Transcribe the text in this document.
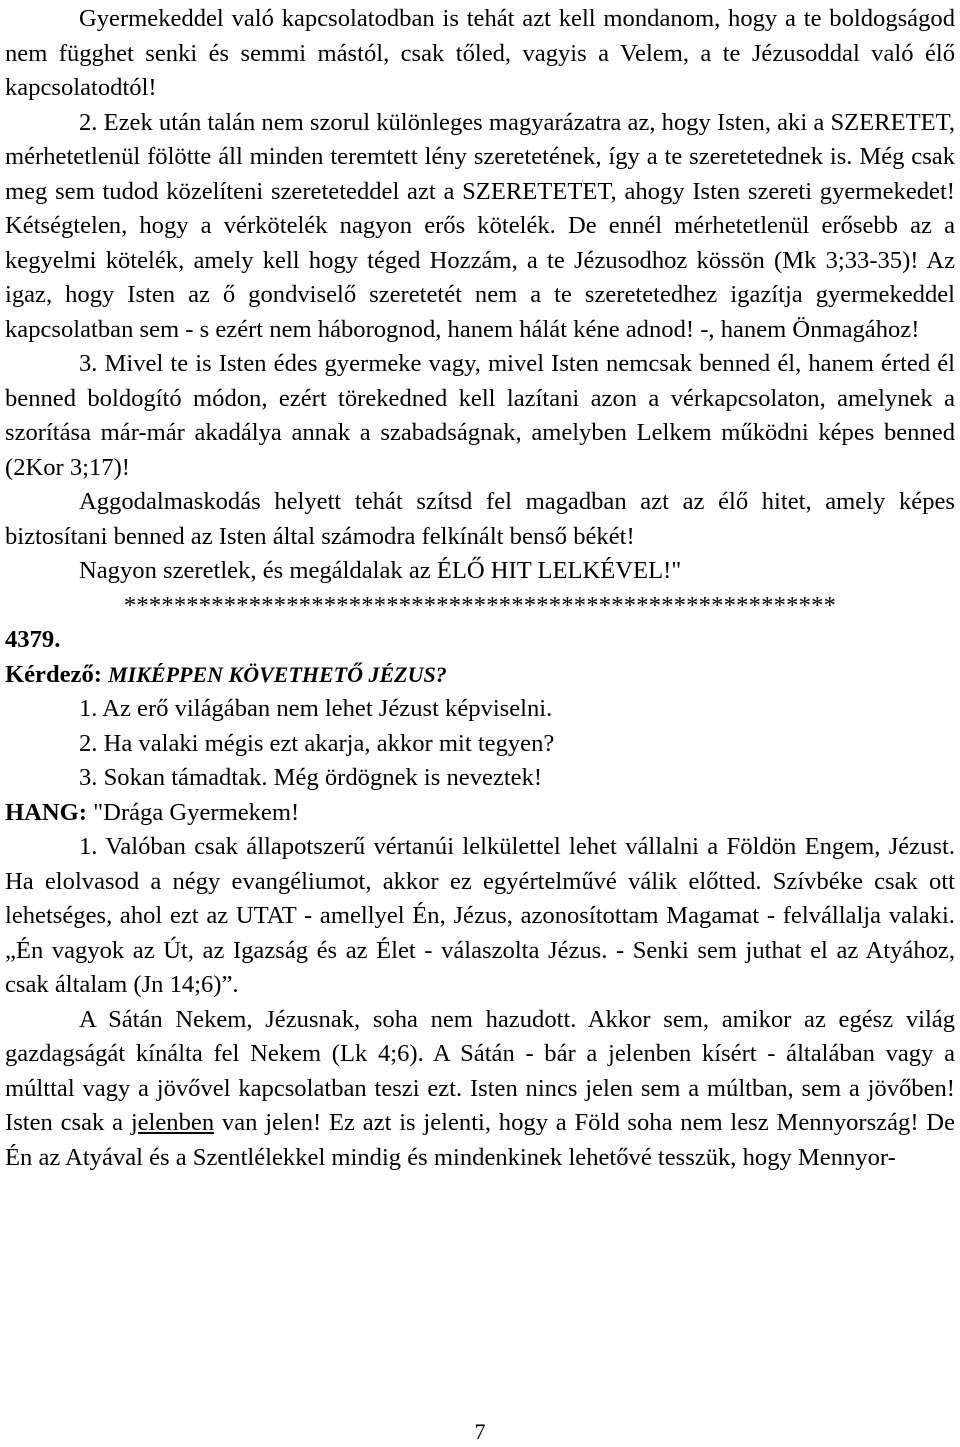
Gyermekeddel való kapcsolatodban is tehát azt kell mondanom, hogy a te boldogságod nem függhet senki és semmi mástól, csak tőled, vagyis a Velem, a te Jézusoddal való élő kapcsolatodtól!

2. Ezek után talán nem szorul különleges magyarázatra az, hogy Isten, aki a SZERETET, mérhetetlenül fölötte áll minden teremtett lény szeretetének, így a te szeretetednek is. Még csak meg sem tudod közelíteni szereteteddel azt a SZERETETET, ahogy Isten szereti gyermekedet! Kétségtelen, hogy a vérkötelék nagyon erős kötelék. De ennél mérhetetlenül erősebb az a kegyelmi kötelék, amely kell hogy téged Hozzám, a te Jézusodhoz kössön (Mk 3;33-35)! Az igaz, hogy Isten az ő gondviselő szeretetét nem a te szeretetedhez igazítja gyermekeddel kapcsolatban sem - s ezért nem háborognod, hanem hálát kéne adnod! -, hanem Önmagához!

3. Mivel te is Isten édes gyermeke vagy, mivel Isten nemcsak benned él, hanem érted él benned boldogító módon, ezért törekedned kell lazítani azon a vérkapcsolaton, amelynek a szorítása már-már akadálya annak a szabadságnak, amelyben Lelkem működni képes benned (2Kor 3;17)!

Aggodalmaskodás helyett tehát szítsd fel magadban azt az élő hitet, amely képes biztosítani benned az Isten által számodra felkínált benső békét!

Nagyon szeretlek, és megáldalak az ÉLŐ HIT LELKÉVEL!"

*********************************************************

4379.

Kérdező: MIKÉPPEN KÖVETHETŐ JÉZUS?

1. Az erő világában nem lehet Jézust képviselni.

2. Ha valaki mégis ezt akarja, akkor mit tegyen?

3. Sokan támadtak. Még ördögnek is neveztek!

HANG: "Drága Gyermekem!

1. Valóban csak állapotszerű vértanúi lelkülettel lehet vállalni a Földön Engem, Jézust. Ha elolvasod a négy evangéliumot, akkor ez egyértelművé válik előtted. Szívbéke csak ott lehetséges, ahol ezt az UTAT - amellyel Én, Jézus, azonosítottam Magamat - felvállalja valaki. „Én vagyok az Út, az Igazság és az Élet - válaszolta Jézus. - Senki sem juthat el az Atyához, csak általam (Jn 14;6)”.

A Sátán Nekem, Jézusnak, soha nem hazudott. Akkor sem, amikor az egész világ gazdagságát kínálta fel Nekem (Lk 4;6). A Sátán - bár a jelenben kísért - általában vagy a múlttal vagy a jövővel kapcsolatban teszi ezt. Isten nincs jelen sem a múltban, sem a jövőben! Isten csak a jelenben van jelen! Ez azt is jelenti, hogy a Föld soha nem lesz Mennyország! De Én az Atyával és a Szentlélekkel mindig és mindenkinek lehetővé tesszük, hogy Mennyor-

7
